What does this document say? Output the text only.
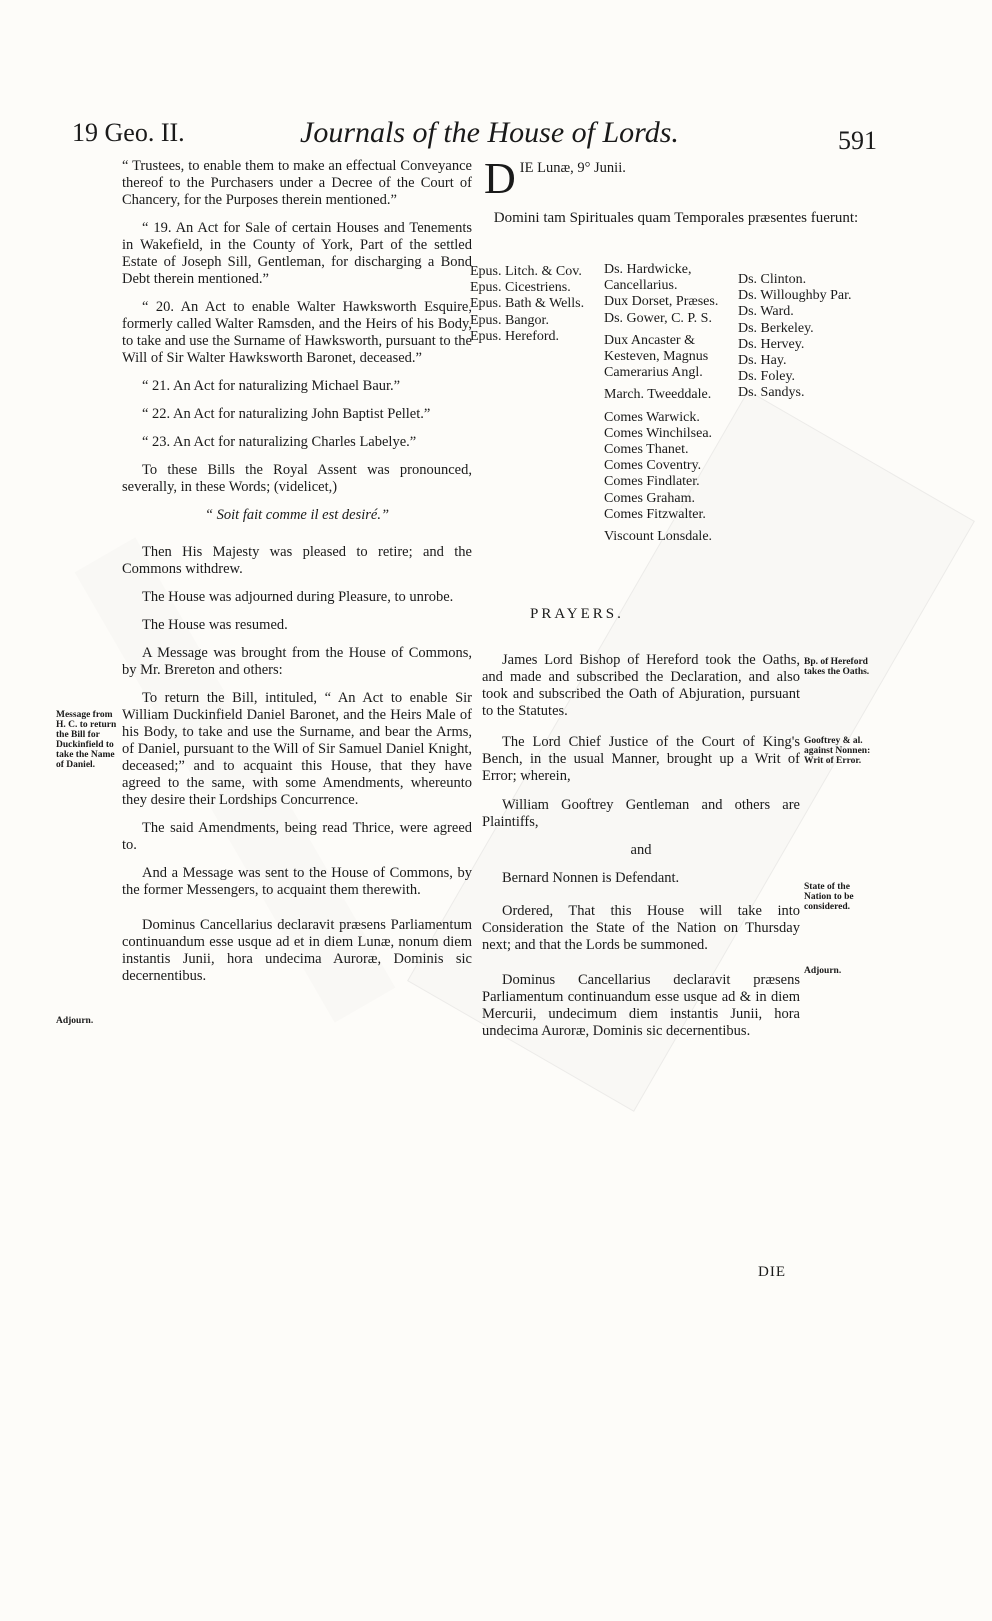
19 Geo. II.	Journals of the House of Lords.	591
Message from H. C. to return the Bill for Duckinfield to take the Name of Daniel.
Adjourn.

“ Trustees, to enable them to make an effectual Conveyance thereof to the Purchasers under a Decree of the Court of Chancery, for the Purposes therein mentioned.”

“ 19. An Act for Sale of certain Houses and Tenements in Wakefield, in the County of York, Part of the settled Estate of Joseph Sill, Gentleman, for discharging a Bond Debt therein mentioned.”

“ 20. An Act to enable Walter Hawksworth Esquire, formerly called Walter Ramsden, and the Heirs of his Body, to take and use the Surname of Hawksworth, pursuant to the Will of Sir Walter Hawksworth Baronet, deceased.”

“ 21. An Act for naturalizing Michael Baur.”

“ 22. An Act for naturalizing John Baptist Pellet.”

“ 23. An Act for naturalizing Charles Labelye.”

To these Bills the Royal Assent was pronounced, severally, in these Words; (videlicet,)

“ Soit fait comme il est desiré.”

Then His Majesty was pleased to retire; and the Commons withdrew.

The House was adjourned during Pleasure, to unrobe.

The House was resumed.

A Message was brought from the House of Commons, by Mr. Brereton and others:

To return the Bill, intituled, “ An Act to enable Sir William Duckinfield Daniel Baronet, and the Heirs Male of his Body, to take and use the Surname, and bear the Arms, of Daniel, pursuant to the Will of Sir Samuel Daniel Knight, deceased;” and to acquaint this House, that they have agreed to the same, with some Amendments, whereunto they desire their Lordships Concurrence.

The said Amendments, being read Thrice, were agreed to.

And a Message was sent to the House of Commons, by the former Messengers, to acquaint them therewith.

Dominus Cancellarius declaravit præsens Parliamentum continuandum esse usque ad et in diem Lunæ, nonum diem instantis Junii, hora undecima Auroræ, Dominis sic decernentibus.

D IE Lunæ, 9° Junii.

Domini tam Spirituales quam Temporales præsentes fuerunt:

Epus. Litch. & Cov.
Epus. Cicestriens.
Epus. Bath & Wells.
Epus. Bangor.
Epus. Hereford.
Ds. Hardwicke, Cancellarius.
Dux Dorset, Præses.
Ds. Gower, C. P. S.
Dux Ancaster & Kesteven, Magnus Camerarius Angl.
March. Tweeddale.
Comes Warwick.
Comes Winchilsea.
Comes Thanet.
Comes Coventry.
Comes Findlater.
Comes Graham.
Comes Fitzwalter.
Viscount Lonsdale.
Ds. Clinton.
Ds. Willoughby Par.
Ds. Ward.
Ds. Berkeley.
Ds. Hervey.
Ds. Hay.
Ds. Foley.
Ds. Sandys.
PRAYERS.

James Lord Bishop of Hereford took the Oaths, and made and subscribed the Declaration, and also took and subscribed the Oath of Abjuration, pursuant to the Statutes.

The Lord Chief Justice of the Court of King's Bench, in the usual Manner, brought up a Writ of Error; wherein,

William Gooftrey Gentleman and others are Plaintiffs,

and

Bernard Nonnen is Defendant.

Ordered, That this House will take into Consideration the State of the Nation on Thursday next; and that the Lords be summoned.

Dominus Cancellarius declaravit præsens Parliamentum continuandum esse usque ad & in diem Mercurii, undecimum diem instantis Junii, hora undecima Auroræ, Dominis sic decernentibus.

Bp. of Hereford takes the Oaths.
Gooftrey & al. against Nonnen: Writ of Error.
State of the Nation to be considered.
Adjourn.
DIE
